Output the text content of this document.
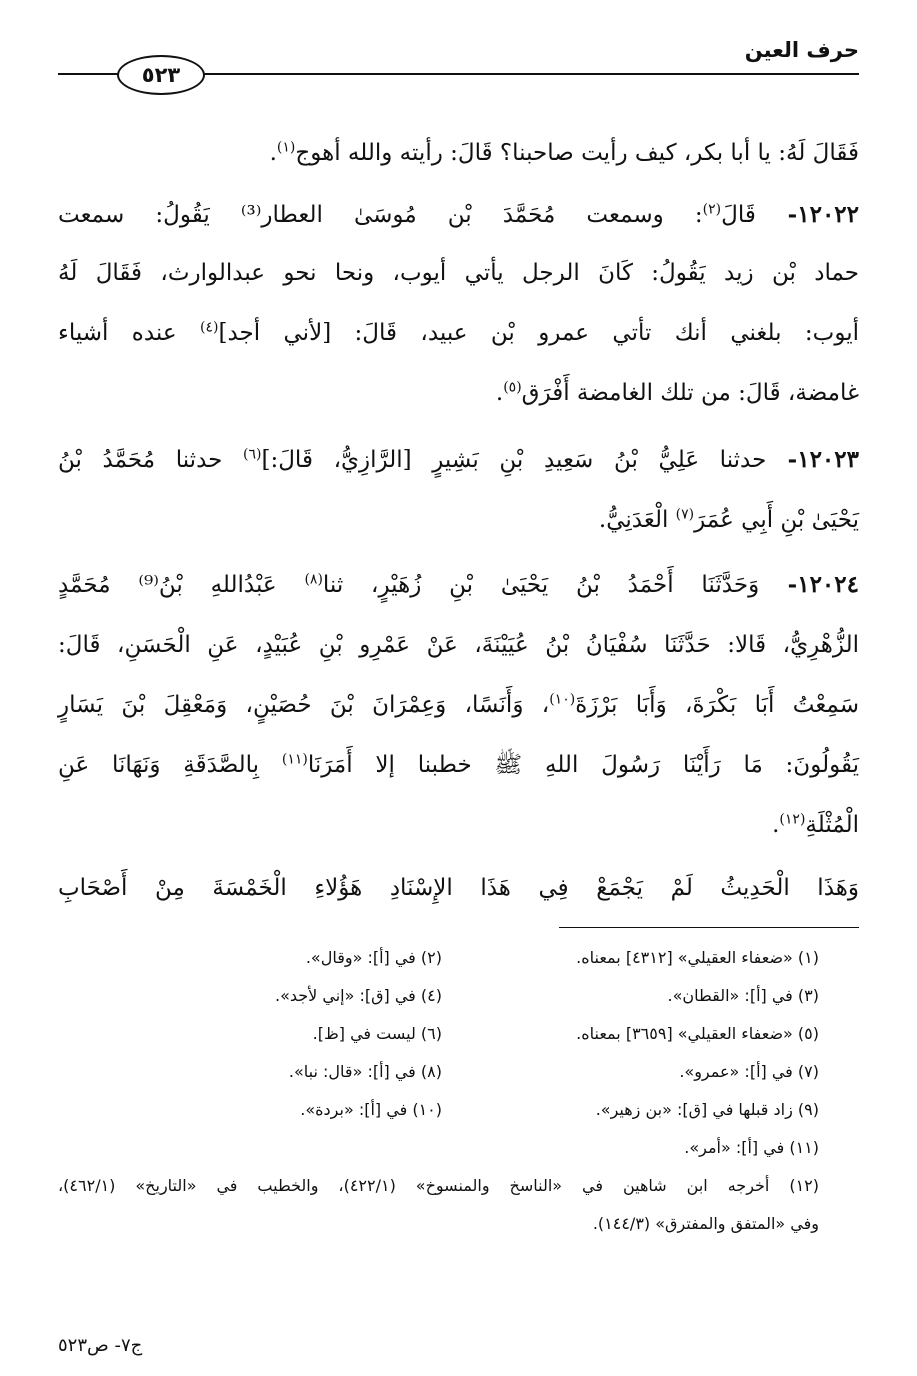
حرف العين
٥٢٣
فَقَالَ لَهُ: يا أبا بكر، كيف رأيت صاحبنا؟ قَالَ: رأيته والله أهوج$^{(١)}$.
١٢٠٢٢- قَالَ$^{(٢)}$: وسمعت مُحَمَّدَ بْن مُوسَىٰ العطار⁽³⁾ يَقُولُ: سمعت
حماد بْن زيد يَقُولُ: كَانَ الرجل يأتي أيوب، ونحا نحو عبدالوارث، فَقَالَ لَهُ
أيوب: بلغني أنك تأتي عمرو بْن عبيد، قَالَ: [لأني أجد]$^{(٤)}$ عنده أشياء
غامضة، قَالَ: من تلك الغامضة أَفْرَق$^{(٥)}$.
١٢٠٢٣- حدثنا عَلِيُّ بْنُ سَعِيدِ بْنِ بَشِيرٍ [الرَّازِيُّ، قَالَ:]$^{(٦)}$ حدثنا مُحَمَّدُ بْنُ
يَحْيَىٰ بْنِ أَبِي عُمَرَ$^{(٧)}$ الْعَدَنِيُّ.
١٢٠٢٤- وَحَدَّثَنَا أَحْمَدُ بْنُ يَحْيَىٰ بْنِ زُهَيْرٍ، ثنا$^{(٨)}$ عَبْدُاللهِ بْنُ⁽⁹⁾ مُحَمَّدٍ
الزُّهْرِيُّ، قَالا: حَدَّثَنَا سُفْيَانُ بْنُ عُيَيْنَةَ، عَنْ عَمْرِو بْنِ عُبَيْدٍ، عَنِ الْحَسَنِ، قَالَ:
سَمِعْتُ أَبَا بَكْرَةَ، وَأَبَا بَرْزَةَ$^{(١٠)}$، وَأَنَسًا، وَعِمْرَانَ بْنَ حُصَيْنٍ، وَمَعْقِلَ بْنَ يَسَارٍ
يَقُولُونَ: مَا رَأَيْنَا رَسُولَ اللهِ ﷺ خطبنا إلا أَمَرَنَا$^{(١١)}$ بِالصَّدَقَةِ وَنَهَانَا عَنِ
الْمُثْلَةِ$^{(١٢)}$.
وَهَذَا الْحَدِيثُ لَمْ يَجْمَعْ فِي هَذَا الإِسْنَادِ هَؤُلاءِ الْخَمْسَةَ مِنْ أَصْحَابِ
(١) «ضعفاء العقيلي» [٤٣١٢] بمعناه.
(٢) في [أ]: «وقال».
(٣) في [أ]: «القطان».
(٤) في [ق]: «إني لأجد».
(٥) «ضعفاء العقيلي» [٣٦٥٩] بمعناه.
(٦) ليست في [ظ].
(٧) في [أ]: «عمرو».
(٨) في [أ]: «قال: نبا».
(٩) زاد قبلها في [ق]: «بن زهير».
(١٠) في [أ]: «بردة».
(١١) في [أ]: «أمر».
(١٢) أخرجه ابن شاهين في «الناسخ والمنسوخ» (٤٢٢/١)، والخطيب في «التاريخ» (٤٦٢/١)،
وفي «المتفق والمفترق» (١٤٤/٣).
ج٧- ص٥٢٣
